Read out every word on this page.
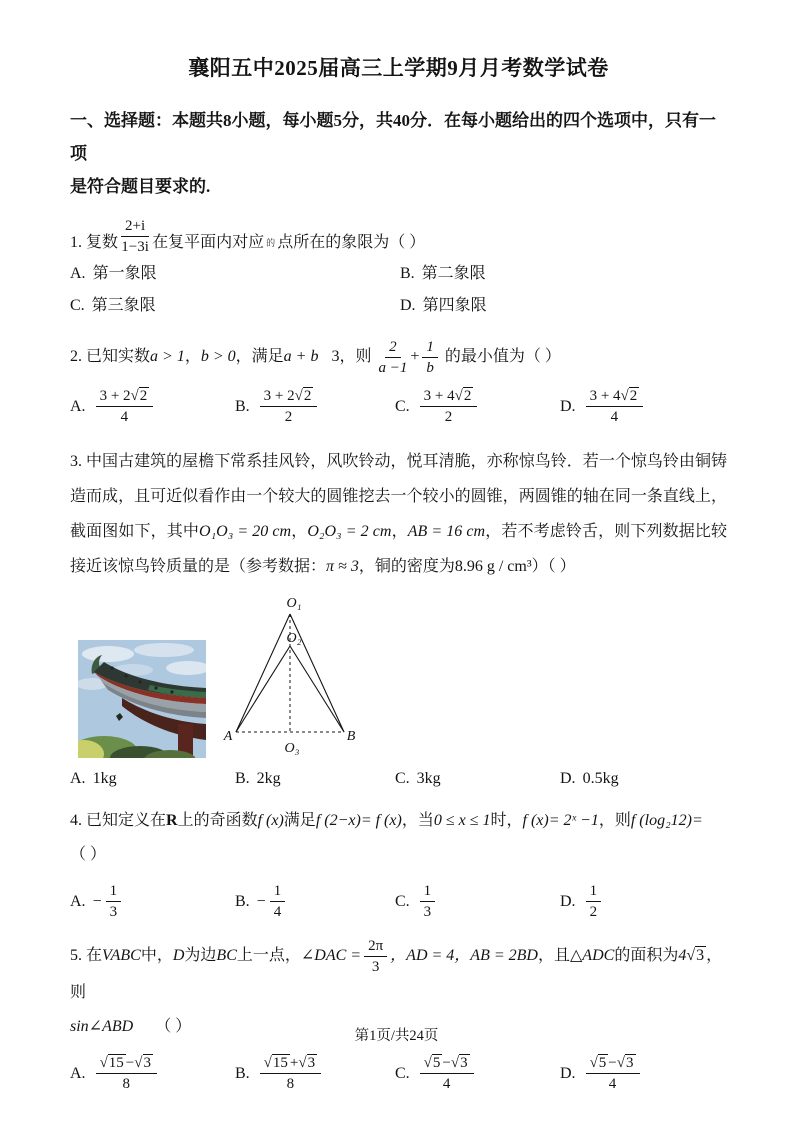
襄阳五中2025届高三上学期9月月考数学试卷
一、选择题：本题共8小题，每小题5分，共40分．在每小题给出的四个选项中，只有一项
是符合题目要求的.
1. 复数 $\frac{2+i}{1-3i}$ 在复平面内对应 的 点所在的象限为（ ）
A. 第一象限	B. 第二象限
C. 第三象限	D. 第四象限
2. 已知实数a > 1，b > 0，满足a + b 3，则 $\frac{2}{a -1} + \frac{1}{b}$ 的最小值为（ ）
A. $\frac{3 + 2 √ 2}{4}$	B. $\frac{3 + 2 √ 2}{2}$	C. $\frac{3 + 4 √ 2}{2}$	D. $\frac{3 + 4 √ 2}{4}$
3. 中国古建筑的屋檐下常系挂风铃，风吹铃动，悦耳清脆，亦称惊鸟铃．若一个惊鸟铃由铜铸造而成，且可近似看作由一个较大的圆锥挖去一个较小的圆锥，两圆锥的轴在同一条直线上，截面图如下，其中O₁O₃ = 20 cm，O₂O₃ = 2 cm，AB = 16 cm，若不考虑铃舌，则下列数据比较接近该惊鸟铃质量的是（参考数据：π ≈ 3，铜的密度为8.96 g / cm³）（ ）
O₁
O₂
A	B
O₃
A. 1kg	B. 2kg	C. 3kg	D. 0.5kg
4. 已知定义在R上的奇函数f (x)满足f (2−x)= f (x)，当0 ≤ x ≤ 1时，f (x)= 2ˣ −1，则f (log₂12)=
（ ）
A. − $\frac{1}{3}$	B. − $\frac{1}{4}$	C. $\frac{1}{3}$	D. $\frac{1}{2}$
5. 在VABC中，D为边BC上一点，∠DAC = $\frac{2\pi}{3}$ ，AD = 4，AB = 2BD，且△ADC的面积为4 √ 3 ，则
sin∠ABD （ ）
A. √ $\frac{15 - √ 3}{8}$	B. √ $\frac{15 + √ 3}{8}$	C. √ $\frac{5 - √ 3}{4}$	D. √ $\frac{5 - √ 3}{4}$
第1页/共24页
